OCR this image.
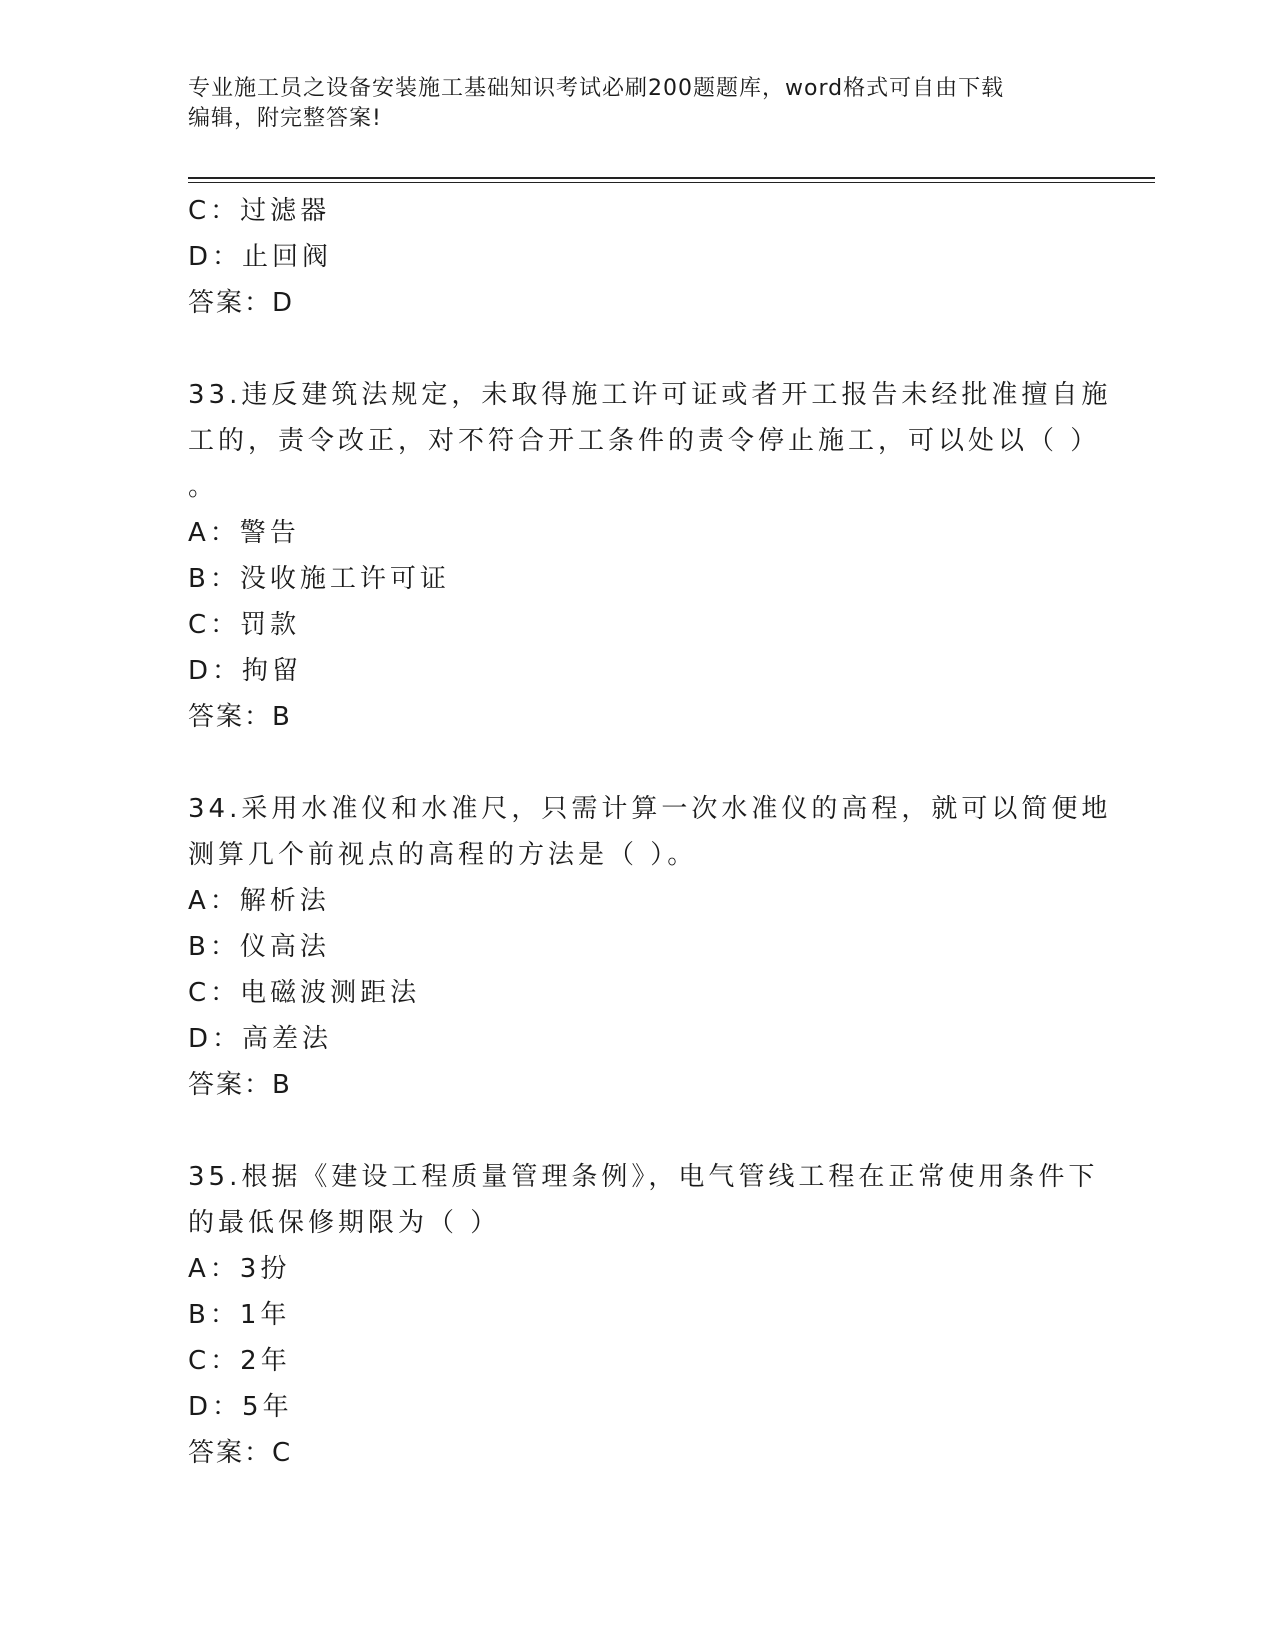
专业施工员之设备安装施工基础知识考试必刷200题题库，word格式可自由下载
编辑，附完整答案!
C：过滤器
D：止回阀
答案：D
33.违反建筑法规定，未取得施工许可证或者开工报告未经批准擅自施
工的，责令改正，对不符合开工条件的责令停止施工，可以处以（ ）
。
A：警告
B：没收施工许可证
C：罚款
D：拘留
答案：B
34.采用水准仪和水准尺，只需计算一次水准仪的高程，就可以简便地
测算几个前视点的高程的方法是（ ）。
A：解析法
B：仪高法
C：电磁波测距法
D：高差法
答案：B
35.根据《建设工程质量管理条例》，电气管线工程在正常使用条件下
的最低保修期限为（ ）
A：3扮
B：1年
C：2年
D：5年
答案：C
